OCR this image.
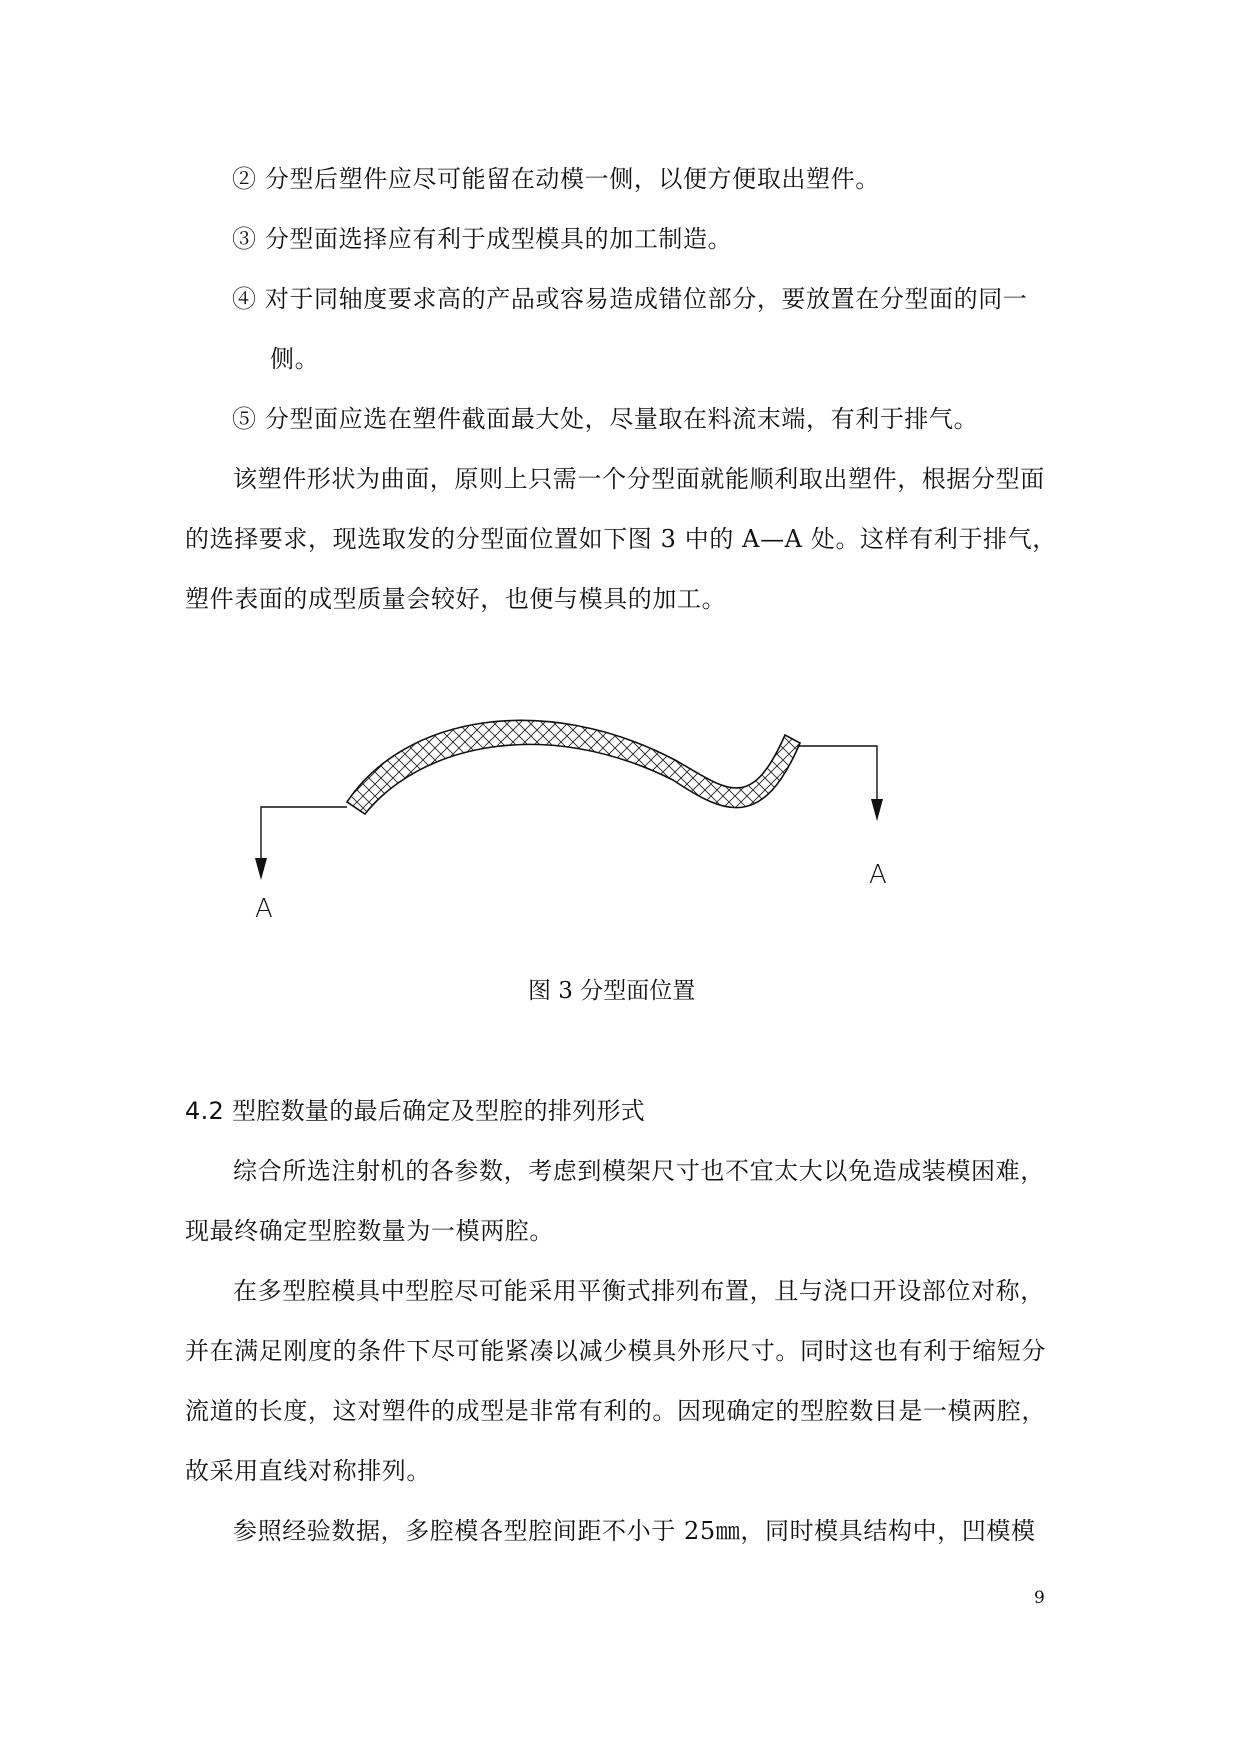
② 分型后塑件应尽可能留在动模一侧，以便方便取出塑件。
③ 分型面选择应有利于成型模具的加工制造。
④ 对于同轴度要求高的产品或容易造成错位部分，要放置在分型面的同一
侧。
⑤ 分型面应选在塑件截面最大处，尽量取在料流末端，有利于排气。
该塑件形状为曲面，原则上只需一个分型面就能顺利取出塑件，根据分型面
的选择要求，现选取发的分型面位置如下图 3 中的 A—A 处。这样有利于排气，
塑件表面的成型质量会较好，也便与模具的加工。
A
A
图 3 分型面位置
4.2 型腔数量的最后确定及型腔的排列形式
综合所选注射机的各参数，考虑到模架尺寸也不宜太大以免造成装模困难，
现最终确定型腔数量为一模两腔。
在多型腔模具中型腔尽可能采用平衡式排列布置，且与浇口开设部位对称，
并在满足刚度的条件下尽可能紧凑以减少模具外形尺寸。同时这也有利于缩短分
流道的长度，这对塑件的成型是非常有利的。因现确定的型腔数目是一模两腔，
故采用直线对称排列。
参照经验数据，多腔模各型腔间距不小于 25㎜，同时模具结构中，凹模模
9
